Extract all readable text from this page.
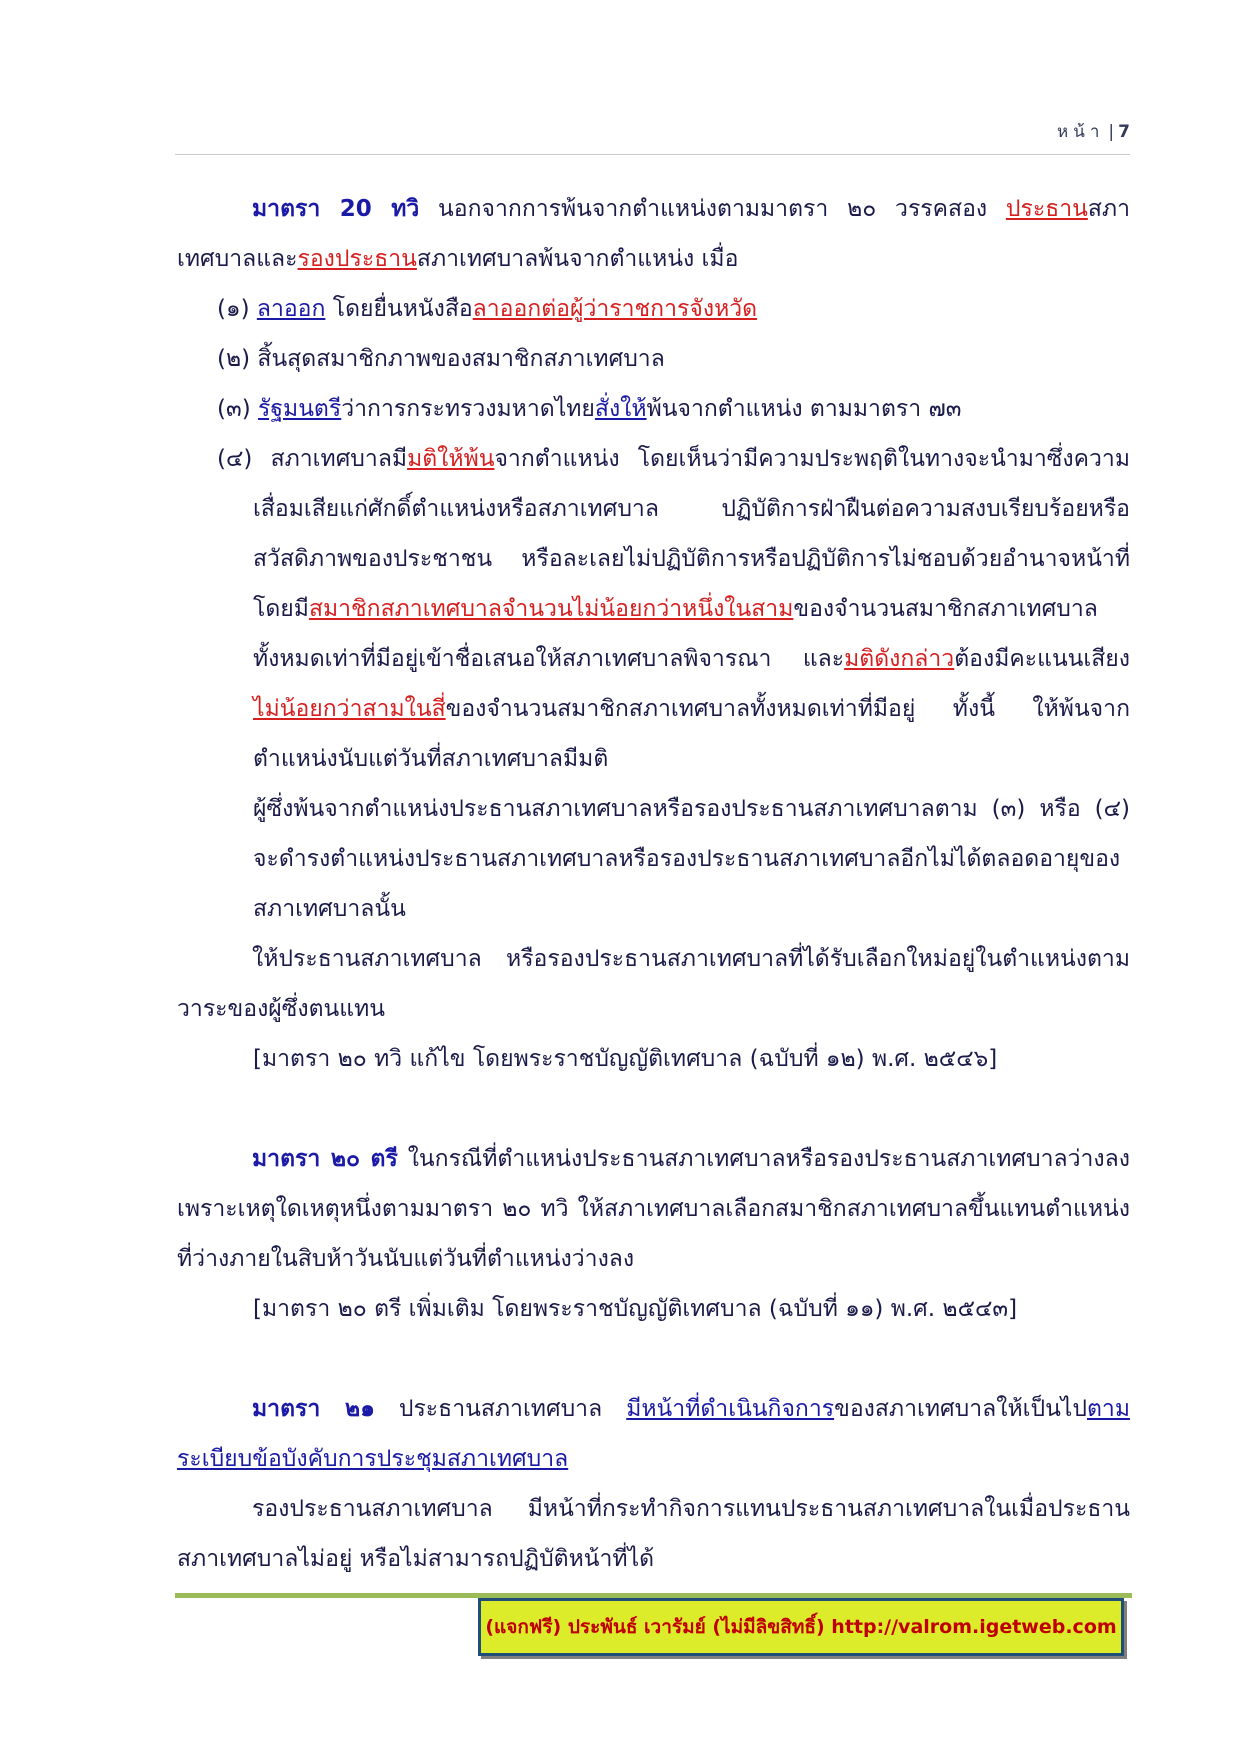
หน้า | 7

มาตรา 20 ทวิ นอกจากการพ้นจากตำแหน่งตามมาตรา ๒๐ วรรคสอง ประธานสภาเทศบาลและรองประธานสภาเทศบาลพ้นจากตำแหน่ง เมื่อ

(๑) ลาออก โดยยื่นหนังสือลาออกต่อผู้ว่าราชการจังหวัด

(๒) สิ้นสุดสมาชิกภาพของสมาชิกสภาเทศบาล

(๓) รัฐมนตรีว่าการกระทรวงมหาดไทยสั่งให้พ้นจากตำแหน่ง ตามมาตรา ๗๓

(๔) สภาเทศบาลมีมติให้พ้นจากตำแหน่ง โดยเห็นว่ามีความประพฤติในทางจะนำมาซึ่งความเสื่อมเสียแก่ศักดิ์ตำแหน่งหรือสภาเทศบาล ปฏิบัติการฝ่าฝืนต่อความสงบเรียบร้อยหรือสวัสดิภาพของประชาชน หรือละเลยไม่ปฏิบัติการหรือปฏิบัติการไม่ชอบด้วยอำนาจหน้าที่ โดยมีสมาชิกสภาเทศบาลจำนวนไม่น้อยกว่าหนึ่งในสามของจำนวนสมาชิกสภาเทศบาลทั้งหมดเท่าที่มีอยู่เข้าชื่อเสนอให้สภาเทศบาลพิจารณา และมติดังกล่าวต้องมีคะแนนเสียงไม่น้อยกว่าสามในสี่ของจำนวนสมาชิกสภาเทศบาลทั้งหมดเท่าที่มีอยู่ ทั้งนี้ ให้พ้นจากตำแหน่งนับแต่วันที่สภาเทศบาลมีมติ

ผู้ซึ่งพ้นจากตำแหน่งประธานสภาเทศบาลหรือรองประธานสภาเทศบาลตาม (๓) หรือ (๔) จะดำรงตำแหน่งประธานสภาเทศบาลหรือรองประธานสภาเทศบาลอีกไม่ได้ตลอดอายุของสภาเทศบาลนั้น

ให้ประธานสภาเทศบาล หรือรองประธานสภาเทศบาลที่ได้รับเลือกใหม่อยู่ในตำแหน่งตามวาระของผู้ซึ่งตนแทน

[มาตรา ๒๐ ทวิ แก้ไข โดยพระราชบัญญัติเทศบาล (ฉบับที่ ๑๒) พ.ศ. ๒๕๔๖]

มาตรา ๒๐ ตรี ในกรณีที่ตำแหน่งประธานสภาเทศบาลหรือรองประธานสภาเทศบาลว่างลงเพราะเหตุใดเหตุหนึ่งตามมาตรา ๒๐ ทวิ ให้สภาเทศบาลเลือกสมาชิกสภาเทศบาลขึ้นแทนตำแหน่งที่ว่างภายในสิบห้าวันนับแต่วันที่ตำแหน่งว่างลง

[มาตรา ๒๐ ตรี เพิ่มเติม โดยพระราชบัญญัติเทศบาล (ฉบับที่ ๑๑) พ.ศ. ๒๕๔๓]

มาตรา ๒๑ ประธานสภาเทศบาล มีหน้าที่ดำเนินกิจการของสภาเทศบาลให้เป็นไปตามระเบียบข้อบังคับการประชุมสภาเทศบาล

รองประธานสภาเทศบาล มีหน้าที่กระทำกิจการแทนประธานสภาเทศบาลในเมื่อประธานสภาเทศบาลไม่อยู่ หรือไม่สามารถปฏิบัติหน้าที่ได้

(แจกฟรี) ประพันธ์ เวารัมย์ (ไม่มีลิขสิทธิ์) http://valrom.igetweb.com
